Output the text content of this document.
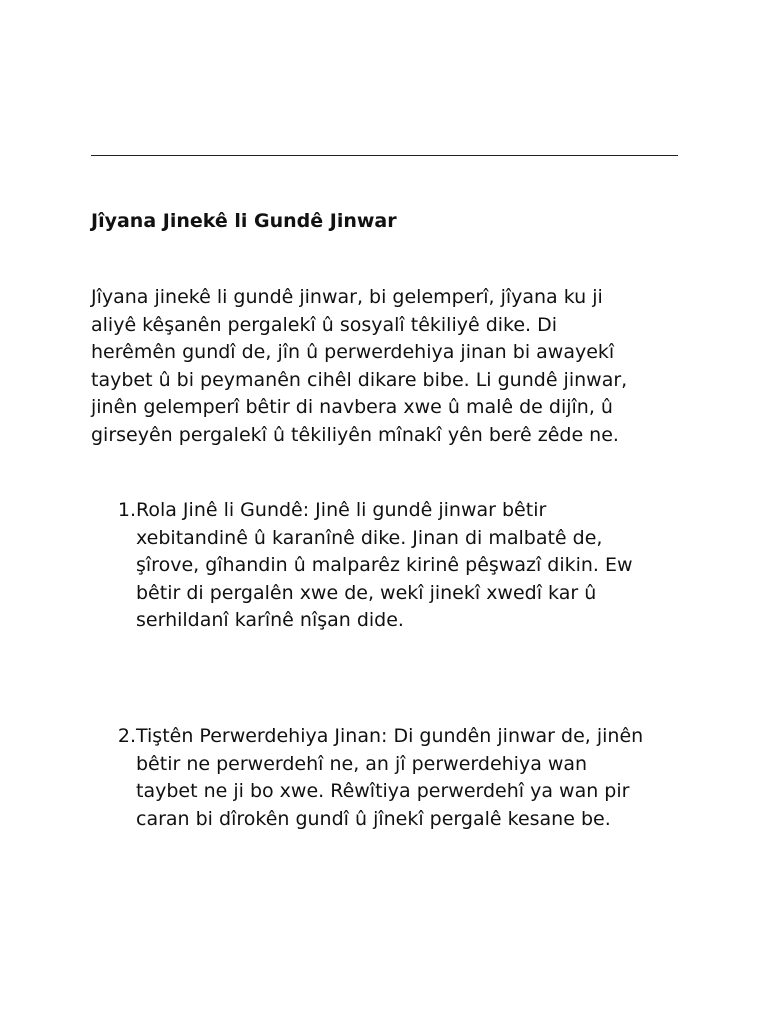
Jîyana Jinekê li Gundê Jinwar

Jîyana jinekê li gundê jinwar, bi gelemperî, jîyana ku ji
aliyê kêşanên pergalekî û sosyalî têkiliyê dike. Di
herêmên gundî de, jîn û perwerdehiya jinan bi awayekî
taybet û bi peymanên cihêl dikare bibe. Li gundê jinwar,
jinên gelemperî bêtir di navbera xwe û malê de dijîn, û
girseyên pergalekî û têkiliyên mînakî yên berê zêde ne.

1. Rola Jinê li Gundê: Jinê li gundê jinwar bêtir
xebitandinê û karanînê dike. Jinan di malbatê de,
şîrove, gîhandin û malparêz kirinê pêşwazî dikin. Ew
bêtir di pergalên xwe de, wekî jinekî xwedî kar û
serhildanî karînê nîşan dide.

2. Tiştên Perwerdehiya Jinan: Di gundên jinwar de, jinên
bêtir ne perwerdehî ne, an jî perwerdehiya wan
taybet ne ji bo xwe. Rêwîtiya perwerdehî ya wan pir
caran bi dîrokên gundî û jînekî pergalê kesane be.
